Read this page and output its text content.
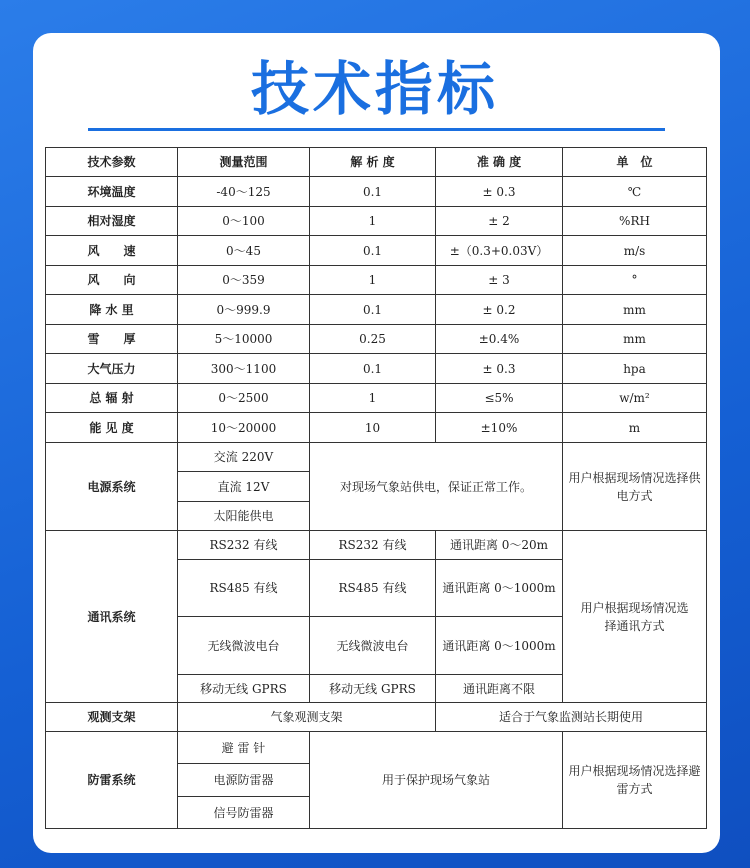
技术指标
技术参数	测量范围	解 析 度	准 确 度	单　位
环境温度	-40～125	0.1	± 0.3	℃
相对湿度	0～100	1	± 2	%RH
风　　速	0～45	0.1	±（0.3+0.03V）	m/s
风　　向	0～359	1	± 3	°
降 水 里	0～999.9	0.1	± 0.2	mm
雪　　厚	5～10000	0.25	±0.4%	mm
大气压力	300～1100	0.1	± 0.3	hpa
总 辐 射	0～2500	1	≤5%	w/m²
能 见 度	10～20000	10	±10%	m
电源系统	交流 220V	对现场气象站供电，保证正常工作。		用户根据现场情况选择供电方式
	直流 12V			
	太阳能供电			
通讯系统	RS232 有线	RS232 有线	通讯距离 0～20m	用户根据现场情况选择通讯方式
	RS485 有线	RS485 有线	通讯距离 0～1000m	
	无线微波电台	无线微波电台	通讯距离 0～1000m	
	移动无线 GPRS	移动无线 GPRS	通讯距离不限	
观测支架	气象观测支架		适合于气象监测站长期使用	
防雷系统	避 雷 针	用于保护现场气象站		用户根据现场情况选择避雷方式
	电源防雷器			
	信号防雷器			
